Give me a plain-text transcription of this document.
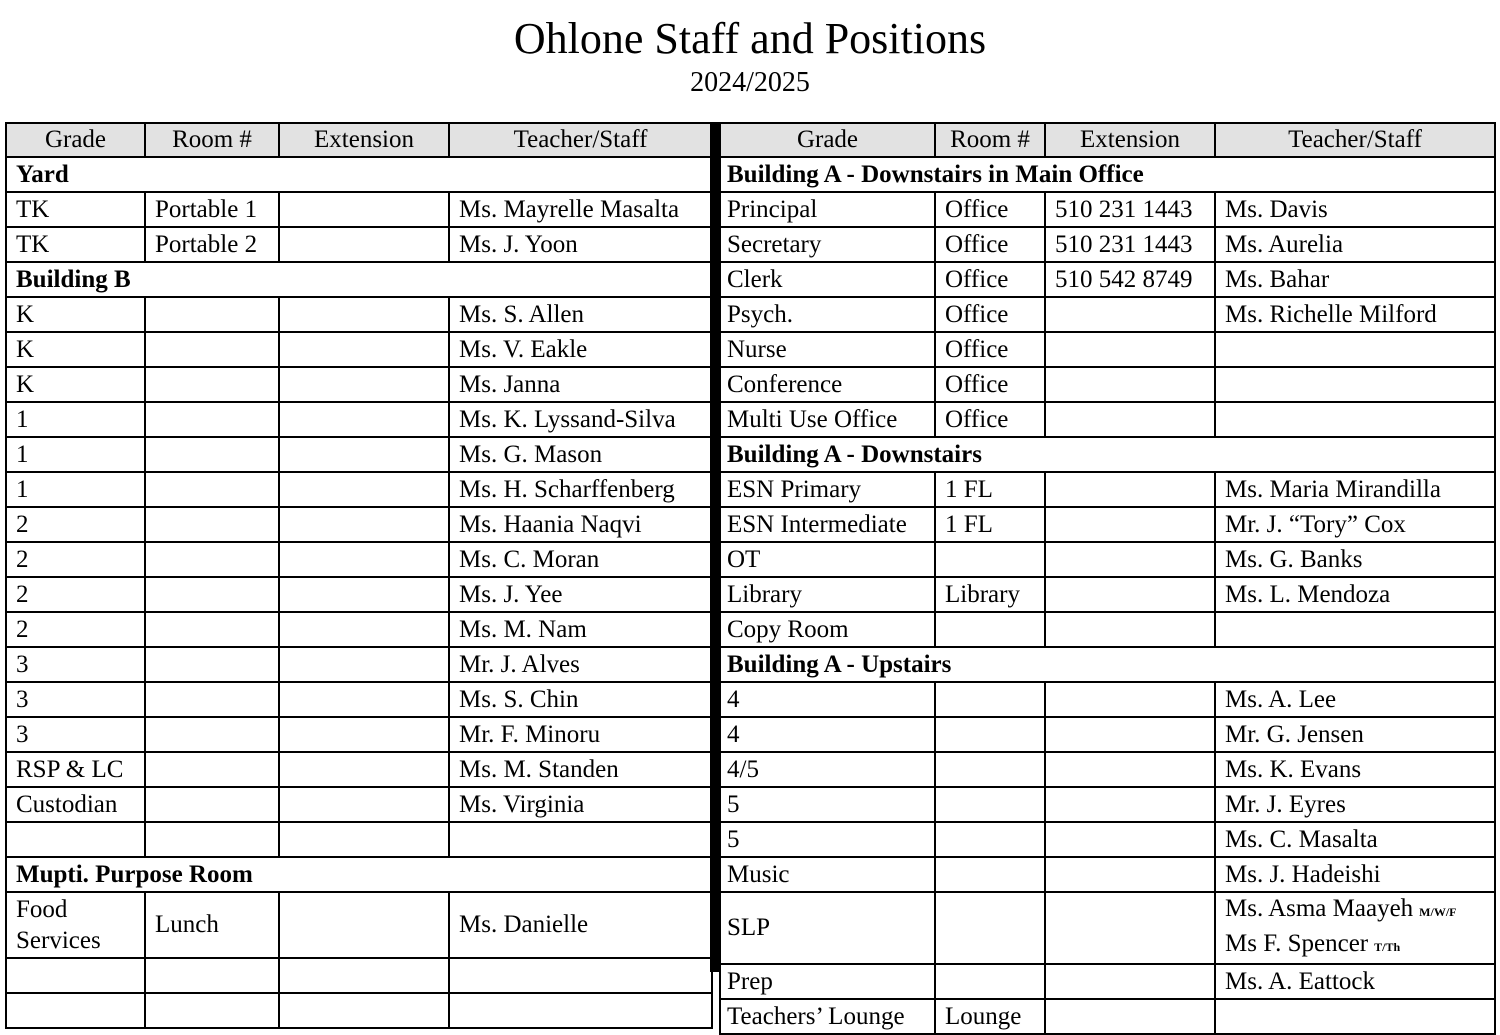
Ohlone Staff and Positions
2024/2025
Grade	Room #	Extension	Teacher/Staff
Yard			
TK	Portable 1		Ms. Mayrelle Masalta
TK	Portable 2		Ms. J. Yoon
Building B			
K			Ms. S. Allen
K			Ms. V. Eakle
K			Ms. Janna
1			Ms. K. Lyssand-Silva
1			Ms. G. Mason
1			Ms. H. Scharffenberg
2			Ms. Haania Naqvi
2			Ms. C. Moran
2			Ms. J. Yee
2			Ms. M. Nam
3			Mr. J. Alves
3			Ms. S. Chin
3			Mr. F. Minoru
RSP & LC			Ms. M. Standen
Custodian			Ms. Virginia

Mupti. Purpose Room			
Food Services	Lunch		Ms. Danielle

Grade	Room #	Extension	Teacher/Staff
Building A - Downstairs in Main Office			
Principal	Office	510 231 1443	Ms. Davis
Secretary	Office	510 231 1443	Ms. Aurelia
Clerk	Office	510 542 8749	Ms. Bahar
Psych.	Office		Ms. Richelle Milford
Nurse	Office		
Conference	Office		
Multi Use Office	Office		
Building A - Downstairs			
ESN Primary	1 FL		Ms. Maria Mirandilla
ESN Intermediate	1 FL		Mr. J. “Tory” Cox
OT			Ms. G. Banks
Library	Library		Ms. L. Mendoza
Copy Room			
Building A - Upstairs			
4			Ms. A. Lee
4			Mr. G. Jensen
4/5			Ms. K. Evans
5			Mr. J. Eyres
5			Ms. C. Masalta
Music			Ms. J. Hadeishi
SLP			Ms. Asma Maayeh M/W/F
Ms F. Spencer T/Th

Prep			Ms. A. Eattock
Teachers’ Lounge	Lounge		
